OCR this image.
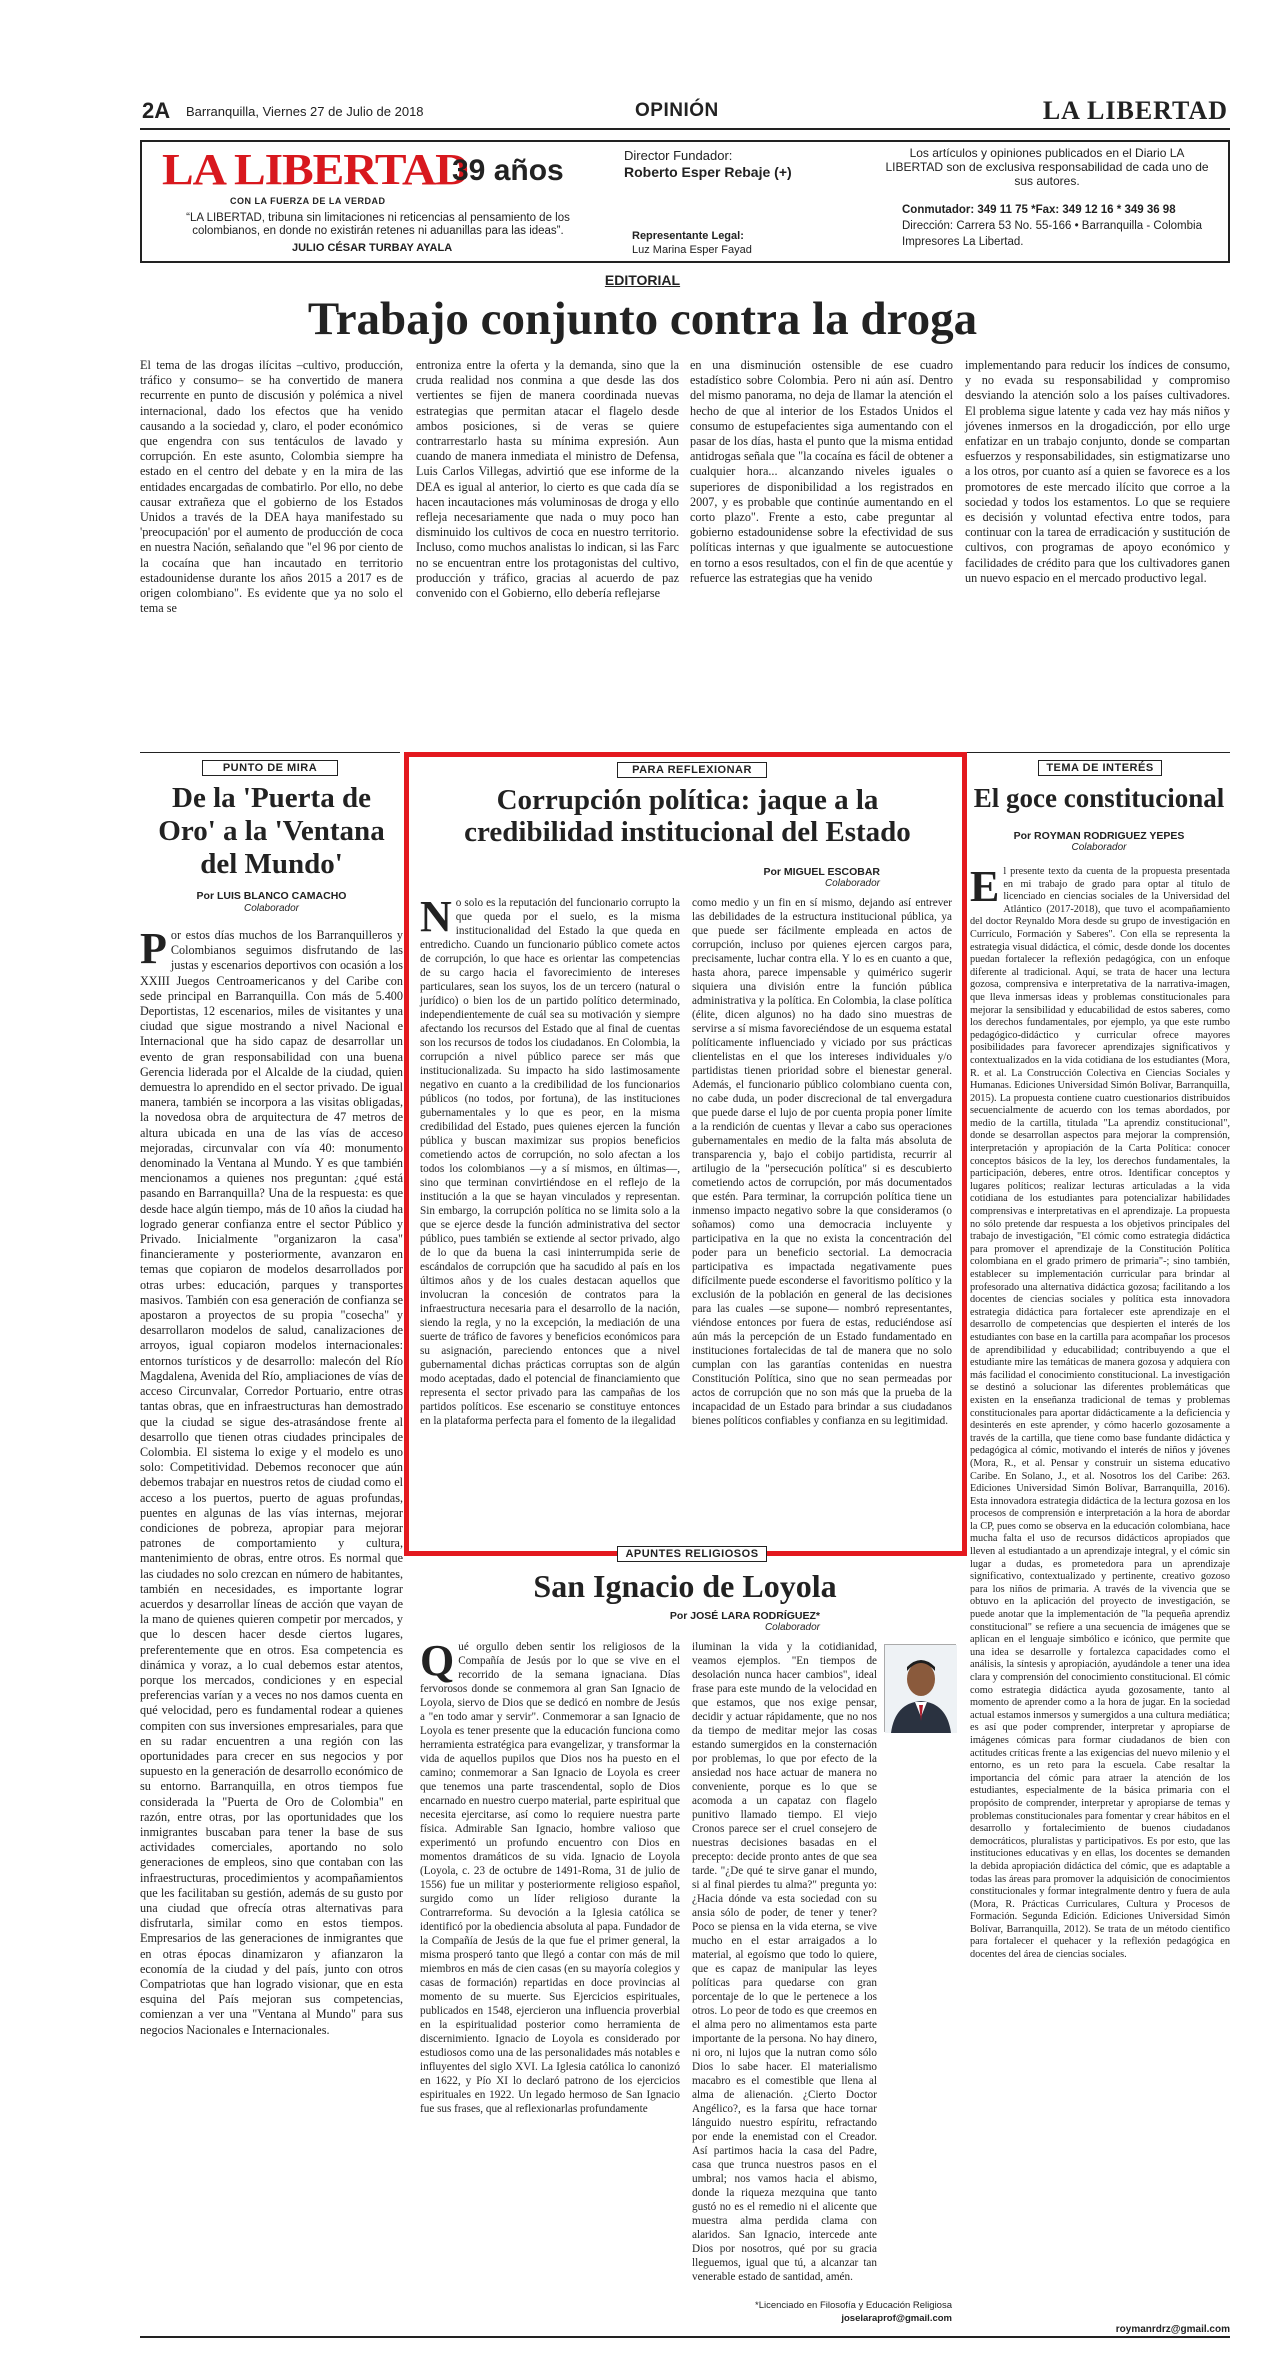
2A Barranquilla, Viernes 27 de Julio de 2018	OPINIÓN	LA LIBERTAD
LA LIBERTAD
39 años
CON LA FUERZA DE LA VERDAD
“LA LIBERTAD, tribuna sin limitaciones ni reticencias al pensamiento de los colombianos, en donde no existirán retenes ni aduanillas para las ideas”.
JULIO CÉSAR TURBAY AYALA
Director Fundador:
Roberto Esper Rebaje (+)
Representante Legal:
Luz Marina Esper Fayad
Los artículos y opiniones publicados en el Diario LA LIBERTAD son de exclusiva responsabilidad de cada uno de sus autores.
Conmutador: 349 11 75 *Fax: 349 12 16 * 349 36 98
Dirección: Carrera 53 No. 55-166 • Barranquilla - Colombia
Impresores La Libertad.
EDITORIAL
Trabajo conjunto contra la droga
El tema de las drogas ilícitas –cultivo, producción, tráfico y consumo– se ha convertido de manera recurrente en punto de discusión y polémica a nivel internacional, dado los efectos que ha venido causando a la sociedad y, claro, el poder económico que engendra con sus tentáculos de lavado y corrupción. En este asunto, Colombia siempre ha estado en el centro del debate y en la mira de las entidades encargadas de combatirlo. Por ello, no debe causar extrañeza que el gobierno de los Estados Unidos a través de la DEA haya manifestado su 'preocupación' por el aumento de producción de coca en nuestra Nación, señalando que "el 96 por ciento de la cocaína que han incautado en territorio estadounidense durante los años 2015 a 2017 es de origen colombiano". Es evidente que ya no solo el tema se
entroniza entre la oferta y la demanda, sino que la cruda realidad nos conmina a que desde las dos vertientes se fijen de manera coordinada nuevas estrategias que permitan atacar el flagelo desde ambos posiciones, si de veras se quiere contrarrestarlo hasta su mínima expresión. Aun cuando de manera inmediata el ministro de Defensa, Luis Carlos Villegas, advirtió que ese informe de la DEA es igual al anterior, lo cierto es que cada día se hacen incautaciones más voluminosas de droga y ello refleja necesariamente que nada o muy poco han disminuido los cultivos de coca en nuestro territorio. Incluso, como muchos analistas lo indican, si las Farc no se encuentran entre los protagonistas del cultivo, producción y tráfico, gracias al acuerdo de paz convenido con el Gobierno, ello debería reflejarse
en una disminución ostensible de ese cuadro estadístico sobre Colombia. Pero ni aún así. Dentro del mismo panorama, no deja de llamar la atención el hecho de que al interior de los Estados Unidos el consumo de estupefacientes siga aumentando con el pasar de los días, hasta el punto que la misma entidad antidrogas señala que "la cocaína es fácil de obtener a cualquier hora... alcanzando niveles iguales o superiores de disponibilidad a los registrados en 2007, y es probable que continúe aumentando en el corto plazo". Frente a esto, cabe preguntar al gobierno estadounidense sobre la efectividad de sus políticas internas y que igualmente se autocuestione en torno a esos resultados, con el fin de que acentúe y refuerce las estrategias que ha venido
implementando para reducir los índices de consumo, y no evada su responsabilidad y compromiso desviando la atención solo a los países cultivadores. El problema sigue latente y cada vez hay más niños y jóvenes inmersos en la drogadicción, por ello urge enfatizar en un trabajo conjunto, donde se compartan esfuerzos y responsabilidades, sin estigmatizarse uno a los otros, por cuanto así a quien se favorece es a los promotores de este mercado ilícito que corroe a la sociedad y todos los estamentos. Lo que se requiere es decisión y voluntad efectiva entre todos, para continuar con la tarea de erradicación y sustitución de cultivos, con programas de apoyo económico y facilidades de crédito para que los cultivadores ganen un nuevo espacio en el mercado productivo legal.
PUNTO DE MIRA
De la 'Puerta de Oro' a la 'Ventana del Mundo'
Por LUIS BLANCO CAMACHO
Colaborador
Por estos días muchos de los Barranquilleros y Colombianos seguimos disfrutando de las justas y escenarios deportivos con ocasión a los XXIII Juegos Centroamericanos y del Caribe con sede principal en Barranquilla. Con más de 5.400 Deportistas, 12 escenarios, miles de visitantes y una ciudad que sigue mostrando a nivel Nacional e Internacional que ha sido capaz de desarrollar un evento de gran responsabilidad con una buena Gerencia liderada por el Alcalde de la ciudad, quien demuestra lo aprendido en el sector privado. De igual manera, también se incorpora a las visitas obligadas, la novedosa obra de arquitectura de 47 metros de altura ubicada en una de las vías de acceso mejoradas, circunvalar con vía 40: monumento denominado la Ventana al Mundo. Y es que también mencionamos a quienes nos preguntan: ¿qué está pasando en Barranquilla? Una de la respuesta: es que desde hace algún tiempo, más de 10 años la ciudad ha logrado generar confianza entre el sector Público y Privado. Inicialmente "organizaron la casa" financieramente y posteriormente, avanzaron en temas que copiaron de modelos desarrollados por otras urbes: educación, parques y transportes masivos. También con esa generación de confianza se apostaron a proyectos de su propia "cosecha" y desarrollaron modelos de salud, canalizaciones de arroyos, igual copiaron modelos internacionales: entornos turísticos y de desarrollo: malecón del Río Magdalena, Avenida del Río, ampliaciones de vías de acceso Circunvalar, Corredor Portuario, entre otras tantas obras, que en infraestructuras han demostrado que la ciudad se sigue des-atrasándose frente al desarrollo que tienen otras ciudades principales de Colombia. El sistema lo exige y el modelo es uno solo: Competitividad. Debemos reconocer que aún debemos trabajar en nuestros retos de ciudad como el acceso a los puertos, puerto de aguas profundas, puentes en algunas de las vías internas, mejorar condiciones de pobreza, apropiar para mejorar patrones de comportamiento y cultura, mantenimiento de obras, entre otros. Es normal que las ciudades no solo crezcan en número de habitantes, también en necesidades, es importante lograr acuerdos y desarrollar líneas de acción que vayan de la mano de quienes quieren competir por mercados, y que lo descen hacer desde ciertos lugares, preferentemente que en otros. Esa competencia es dinámica y voraz, a lo cual debemos estar atentos, porque los mercados, condiciones y en especial preferencias varían y a veces no nos damos cuenta en qué velocidad, pero es fundamental rodear a quienes compiten con sus inversiones empresariales, para que en su radar encuentren a una región con las oportunidades para crecer en sus negocios y por supuesto en la generación de desarrollo económico de su entorno. Barranquilla, en otros tiempos fue considerada la "Puerta de Oro de Colombia" en razón, entre otras, por las oportunidades que los inmigrantes buscaban para tener la base de sus actividades comerciales, aportando no solo generaciones de empleos, sino que contaban con las infraestructuras, procedimientos y acompañamientos que les facilitaban su gestión, además de su gusto por una ciudad que ofrecía otras alternativas para disfrutarla, similar como en estos tiempos. Empresarios de las generaciones de inmigrantes que en otras épocas dinamizaron y afianzaron la economía de la ciudad y del país, junto con otros Compatriotas que han logrado visionar, que en esta esquina del País mejoran sus competencias, comienzan a ver una "Ventana al Mundo" para sus negocios Nacionales e Internacionales.
PARA REFLEXIONAR
Corrupción política: jaque a la credibilidad institucional del Estado
Por MIGUEL ESCOBAR
Colaborador
No solo es la reputación del funcionario corrupto la que queda por el suelo, es la misma institucionalidad del Estado la que queda en entredicho. Cuando un funcionario público comete actos de corrupción, lo que hace es orientar las competencias de su cargo hacia el favorecimiento de intereses particulares, sean los suyos, los de un tercero (natural o jurídico) o bien los de un partido político determinado, independientemente de cuál sea su motivación y siempre afectando los recursos del Estado que al final de cuentas son los recursos de todos los ciudadanos. En Colombia, la corrupción a nivel público parece ser más que institucionalizada. Su impacto ha sido lastimosamente negativo en cuanto a la credibilidad de los funcionarios públicos (no todos, por fortuna), de las instituciones gubernamentales y lo que es peor, en la misma credibilidad del Estado, pues quienes ejercen la función pública y buscan maximizar sus propios beneficios cometiendo actos de corrupción, no solo afectan a los todos los colombianos —y a sí mismos, en últimas—, sino que terminan convirtiéndose en el reflejo de la institución a la que se hayan vinculados y representan. Sin embargo, la corrupción política no se limita solo a la que se ejerce desde la función administrativa del sector público, pues también se extiende al sector privado, algo de lo que da buena la casi ininterrumpida serie de escándalos de corrupción que ha sacudido al país en los últimos años y de los cuales destacan aquellos que involucran la concesión de contratos para la infraestructura necesaria para el desarrollo de la nación, siendo la regla, y no la excepción, la mediación de una suerte de tráfico de favores y beneficios económicos para su asignación, pareciendo entonces que a nivel gubernamental dichas prácticas corruptas son de algún modo aceptadas, dado el potencial de financiamiento que representa el sector privado para las campañas de los partidos políticos. Ese escenario se constituye entonces en la plataforma perfecta para el fomento de la ilegalidad
como medio y un fin en sí mismo, dejando así entrever las debilidades de la estructura institucional pública, ya que puede ser fácilmente empleada en actos de corrupción, incluso por quienes ejercen cargos para, precisamente, luchar contra ella. Y lo es en cuanto a que, hasta ahora, parece impensable y quimérico sugerir siquiera una división entre la función pública administrativa y la política. En Colombia, la clase política (élite, dicen algunos) no ha dado sino muestras de servirse a sí misma favoreciéndose de un esquema estatal políticamente influenciado y viciado por sus prácticas clientelistas en el que los intereses individuales y/o partidistas tienen prioridad sobre el bienestar general. Además, el funcionario público colombiano cuenta con, no cabe duda, un poder discrecional de tal envergadura que puede darse el lujo de por cuenta propia poner límite a la rendición de cuentas y llevar a cabo sus operaciones gubernamentales en medio de la falta más absoluta de transparencia y, bajo el cobijo partidista, recurrir al artilugio de la "persecución política" si es descubierto cometiendo actos de corrupción, por más documentados que estén. Para terminar, la corrupción política tiene un inmenso impacto negativo sobre la que consideramos (o soñamos) como una democracia incluyente y participativa en la que no exista la concentración del poder para un beneficio sectorial. La democracia participativa es impactada negativamente pues difícilmente puede esconderse el favoritismo político y la exclusión de la población en general de las decisiones para las cuales —se supone— nombró representantes, viéndose entonces por fuera de estas, reduciéndose así aún más la percepción de un Estado fundamentado en instituciones fortalecidas de tal de manera que no solo cumplan con las garantías contenidas en nuestra Constitución Política, sino que no sean permeadas por actos de corrupción que no son más que la prueba de la incapacidad de un Estado para brindar a sus ciudadanos bienes políticos confiables y confianza en su legitimidad.
TEMA DE INTERÉS
El goce constitucional
Por ROYMAN RODRIGUEZ YEPES
Colaborador
El presente texto da cuenta de la propuesta presentada en mi trabajo de grado para optar al título de licenciado en ciencias sociales de la Universidad del Atlántico (2017-2018), que tuvo el acompañamiento del doctor Reynaldo Mora desde su grupo de investigación en Currículo, Formación y Saberes". Con ella se representa la estrategia visual didáctica, el cómic, desde donde los docentes puedan fortalecer la reflexión pedagógica, con un enfoque diferente al tradicional. Aquí, se trata de hacer una lectura gozosa, comprensiva e interpretativa de la narrativa-imagen, que lleva inmersas ideas y problemas constitucionales para mejorar la sensibilidad y educabilidad de estos saberes, como los derechos fundamentales, por ejemplo, ya que este rumbo pedagógico-didáctico y curricular ofrece mayores posibilidades para favorecer aprendizajes significativos y contextualizados en la vida cotidiana de los estudiantes (Mora, R. et al. La Construcción Colectiva en Ciencias Sociales y Humanas. Ediciones Universidad Simón Bolívar, Barranquilla, 2015). La propuesta contiene cuatro cuestionarios distribuidos secuencialmente de acuerdo con los temas abordados, por medio de la cartilla, titulada "La aprendiz constitucional", donde se desarrollan aspectos para mejorar la comprensión, interpretación y apropiación de la Carta Política: conocer conceptos básicos de la ley, los derechos fundamentales, la participación, deberes, entre otros. Identificar conceptos y lugares políticos; realizar lecturas articuladas a la vida cotidiana de los estudiantes para potencializar habilidades comprensivas e interpretativas en el aprendizaje. La propuesta no sólo pretende dar respuesta a los objetivos principales del trabajo de investigación, "El cómic como estrategia didáctica para promover el aprendizaje de la Constitución Política colombiana en el grado primero de primaria"-; sino también, establecer su implementación curricular para brindar al profesorado una alternativa didáctica gozosa; facilitando a los docentes de ciencias sociales y política esta innovadora estrategia didáctica para fortalecer este aprendizaje en el desarrollo de competencias que despierten el interés de los estudiantes con base en la cartilla para acompañar los procesos de aprendibilidad y educabilidad; contribuyendo a que el estudiante mire las temáticas de manera gozosa y adquiera con más facilidad el conocimiento constitucional. La investigación se destinó a solucionar las diferentes problemáticas que existen en la enseñanza tradicional de temas y problemas constitucionales para aportar didácticamente a la deficiencia y desinterés en este aprender, y cómo hacerlo gozosamente a través de la cartilla, que tiene como base fundante didáctica y pedagógica al cómic, motivando el interés de niños y jóvenes (Mora, R., et al. Pensar y construir un sistema educativo Caribe. En Solano, J., et al. Nosotros los del Caribe: 263. Ediciones Universidad Simón Bolívar, Barranquilla, 2016). Esta innovadora estrategia didáctica de la lectura gozosa en los procesos de comprensión e interpretación a la hora de abordar la CP, pues como se observa en la educación colombiana, hace mucha falta el uso de recursos didácticos apropiados que lleven al estudiantado a un aprendizaje integral, y el cómic sin lugar a dudas, es prometedora para un aprendizaje significativo, contextualizado y pertinente, creativo gozoso para los niños de primaria. A través de la vivencia que se obtuvo en la aplicación del proyecto de investigación, se puede anotar que la implementación de "la pequeña aprendiz constitucional" se refiere a una secuencia de imágenes que se aplican en el lenguaje simbólico e icónico, que permite que una idea se desarrolle y fortalezca capacidades como el análisis, la síntesis y apropiación, ayudándole a tener una idea clara y comprensión del conocimiento constitucional. El cómic como estrategia didáctica ayuda gozosamente, tanto al momento de aprender como a la hora de jugar. En la sociedad actual estamos inmersos y sumergidos a una cultura mediática; es así que poder comprender, interpretar y apropiarse de imágenes cómicas para formar ciudadanos de bien con actitudes críticas frente a las exigencias del nuevo milenio y el entorno, es un reto para la escuela. Cabe resaltar la importancia del cómic para atraer la atención de los estudiantes, especialmente de la básica primaria con el propósito de comprender, interpretar y apropiarse de temas y problemas constitucionales para fomentar y crear hábitos en el desarrollo y fortalecimiento de buenos ciudadanos democráticos, pluralistas y participativos. Es por esto, que las instituciones educativas y en ellas, los docentes se demanden la debida apropiación didáctica del cómic, que es adaptable a todas las áreas para promover la adquisición de conocimientos constitucionales y formar integralmente dentro y fuera de aula (Mora, R. Prácticas Curriculares, Cultura y Procesos de Formación. Segunda Edición. Ediciones Universidad Simón Bolívar, Barranquilla, 2012). Se trata de un método cientifico para fortalecer el quehacer y la reflexión pedagógica en docentes del área de ciencias sociales.
roymanrdrz@gmail.com
APUNTES RELIGIOSOS
San Ignacio de Loyola
Por JOSÉ LARA RODRÍGUEZ*
Colaborador
Qué orgullo deben sentir los religiosos de la Compañía de Jesús por lo que se vive en el recorrido de la semana ignaciana. Días fervorosos donde se conmemora al gran San Ignacio de Loyola, siervo de Dios que se dedicó en nombre de Jesús a "en todo amar y servir". Conmemorar a san Ignacio de Loyola es tener presente que la educación funciona como herramienta estratégica para evangelizar, y transformar la vida de aquellos pupilos que Dios nos ha puesto en el camino; conmemorar a San Ignacio de Loyola es creer que tenemos una parte trascendental, soplo de Dios encarnado en nuestro cuerpo material, parte espiritual que necesita ejercitarse, así como lo requiere nuestra parte física. Admirable San Ignacio, hombre valioso que experimentó un profundo encuentro con Dios en momentos dramáticos de su vida. Ignacio de Loyola (Loyola, c. 23 de octubre de 1491-Roma, 31 de julio de 1556) fue un militar y posteriormente religioso español, surgido como un líder religioso durante la Contrarreforma. Su devoción a la Iglesia católica se identificó por la obediencia absoluta al papa. Fundador de la Compañía de Jesús de la que fue el primer general, la misma prosperó tanto que llegó a contar con más de mil miembros en más de cien casas (en su mayoría colegios y casas de formación) repartidas en doce provincias al momento de su muerte. Sus Ejercicios espirituales, publicados en 1548, ejercieron una influencia proverbial en la espiritualidad posterior como herramienta de discernimiento. Ignacio de Loyola es considerado por estudiosos como una de las personalidades más notables e influyentes del siglo XVI. La Iglesia católica lo canonizó en 1622, y Pío XI lo declaró patrono de los ejercicios espirituales en 1922. Un legado hermoso de San Ignacio fue sus frases, que al reflexionarlas profundamente
iluminan la vida y la cotidianidad, veamos ejemplos. "En tiempos de desolación nunca hacer cambios", ideal frase para este mundo de la velocidad en que estamos, que nos exige pensar, decidir y actuar rápidamente, que no nos da tiempo de meditar mejor las cosas estando sumergidos en la consternación por problemas, lo que por efecto de la ansiedad nos hace actuar de manera no conveniente, porque es lo que se acomoda a un capataz con flagelo punitivo llamado tiempo. El viejo Cronos parece ser el cruel consejero de nuestras decisiones basadas en el precepto: decide pronto antes de que sea tarde. "¿De qué te sirve ganar el mundo, si al final pierdes tu alma?" pregunta yo: ¿Hacia dónde va esta sociedad con su ansia sólo de poder, de tener y tener? Poco se piensa en la vida eterna, se vive mucho en el estar arraigados a lo material, al egoísmo que todo lo quiere, que es capaz de manipular las leyes políticas para quedarse con gran porcentaje de lo que le pertenece a los otros. Lo peor de todo es que creemos en el alma pero no alimentamos esta parte importante de la persona. No hay dinero, ni oro, ni lujos que la nutran como sólo Dios lo sabe hacer. El materialismo macabro es el comestible que llena al alma de alienación. ¿Cierto Doctor Angélico?, es la farsa que hace tornar lánguido nuestro espíritu, refractando por ende la enemistad con el Creador. Así partimos hacia la casa del Padre, casa que trunca nuestros pasos en el umbral; nos vamos hacia el abismo, donde la riqueza mezquina que tanto gustó no es el remedio ni el alicente que muestra alma perdida clama con alaridos. San Ignacio, intercede ante Dios por nosotros, qué por su gracia lleguemos, igual que tú, a alcanzar tan venerable estado de santidad, amén.
*Licenciado en Filosofía y Educación Religiosa
joselaraprof@gmail.com
